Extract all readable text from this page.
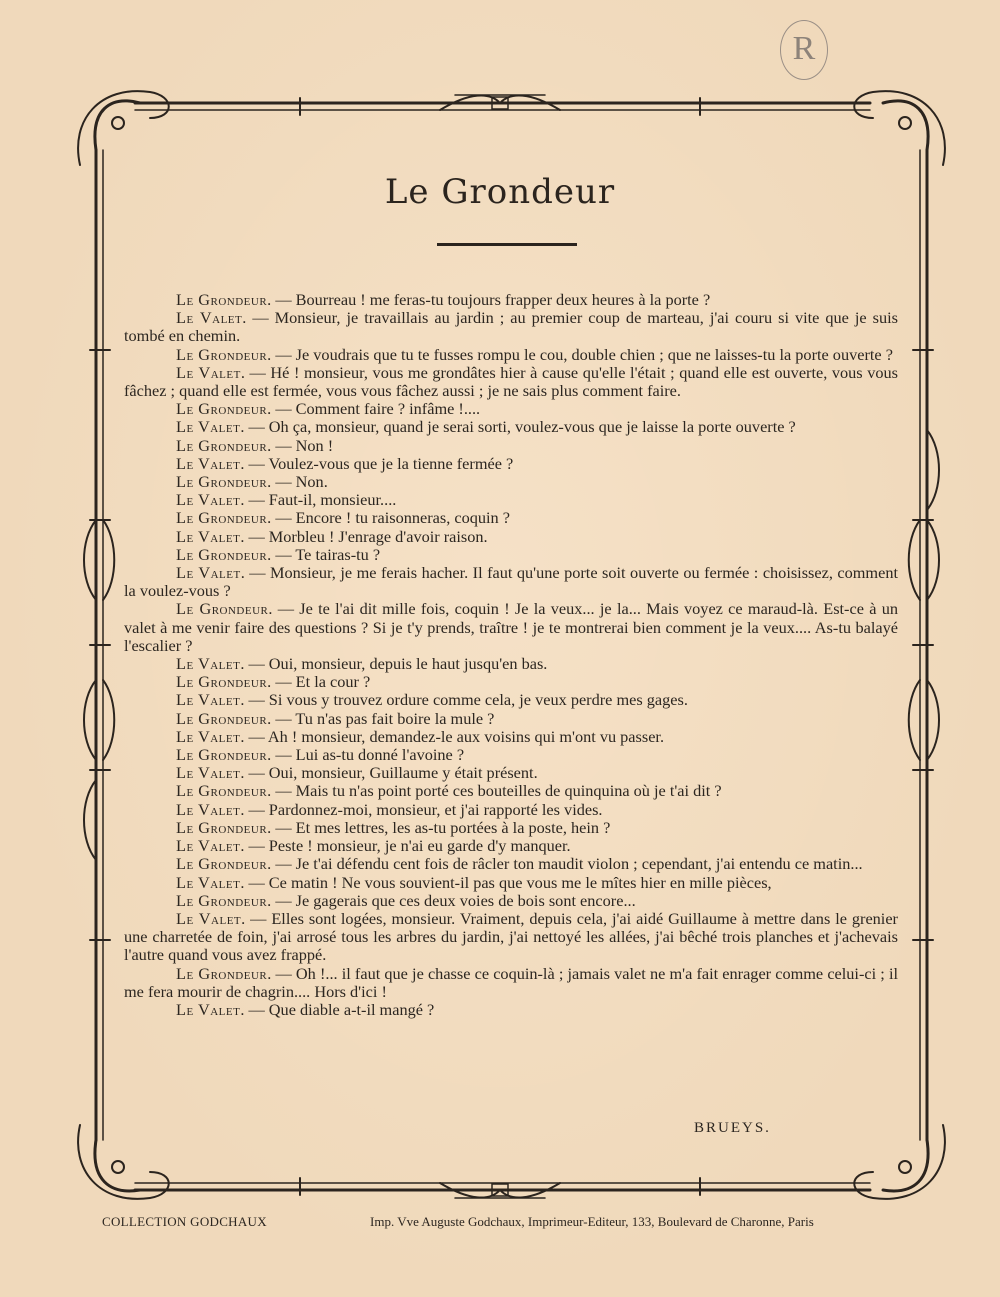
R
Le Grondeur

Le Grondeur. — Bourreau ! me feras-tu toujours frapper deux heures à la porte ?

Le Valet. — Monsieur, je travaillais au jardin ; au premier coup de marteau, j'ai couru si vite que je suis tombé en chemin.

Le Grondeur. — Je voudrais que tu te fusses rompu le cou, double chien ; que ne laisses-tu la porte ouverte ?

Le Valet. — Hé ! monsieur, vous me grondâtes hier à cause qu'elle l'était ; quand elle est ouverte, vous vous fâchez ; quand elle est fermée, vous vous fâchez aussi ; je ne sais plus comment faire.

Le Grondeur. — Comment faire ? infâme !....

Le Valet. — Oh ça, monsieur, quand je serai sorti, voulez-vous que je laisse la porte ouverte ?

Le Grondeur. — Non !

Le Valet. — Voulez-vous que je la tienne fermée ?

Le Grondeur. — Non.

Le Valet. — Faut-il, monsieur....

Le Grondeur. — Encore ! tu raisonneras, coquin ?

Le Valet. — Morbleu ! J'enrage d'avoir raison.

Le Grondeur. — Te tairas-tu ?

Le Valet. — Monsieur, je me ferais hacher. Il faut qu'une porte soit ouverte ou fermée : choisissez, comment la voulez-vous ?

Le Grondeur. — Je te l'ai dit mille fois, coquin ! Je la veux... je la... Mais voyez ce maraud-là. Est-ce à un valet à me venir faire des questions ? Si je t'y prends, traître ! je te montrerai bien comment je la veux.... As-tu balayé l'escalier ?

Le Valet. — Oui, monsieur, depuis le haut jusqu'en bas.

Le Grondeur. — Et la cour ?

Le Valet. — Si vous y trouvez ordure comme cela, je veux perdre mes gages.

Le Grondeur. — Tu n'as pas fait boire la mule ?

Le Valet. — Ah ! monsieur, demandez-le aux voisins qui m'ont vu passer.

Le Grondeur. — Lui as-tu donné l'avoine ?

Le Valet. — Oui, monsieur, Guillaume y était présent.

Le Grondeur. — Mais tu n'as point porté ces bouteilles de quinquina où je t'ai dit ?

Le Valet. — Pardonnez-moi, monsieur, et j'ai rapporté les vides.

Le Grondeur. — Et mes lettres, les as-tu portées à la poste, hein ?

Le Valet. — Peste ! monsieur, je n'ai eu garde d'y manquer.

Le Grondeur. — Je t'ai défendu cent fois de râcler ton maudit violon ; cependant, j'ai entendu ce matin...

Le Valet. — Ce matin ! Ne vous souvient-il pas que vous me le mîtes hier en mille pièces,

Le Grondeur. — Je gagerais que ces deux voies de bois sont encore...

Le Valet. — Elles sont logées, monsieur. Vraiment, depuis cela, j'ai aidé Guillaume à mettre dans le grenier une charretée de foin, j'ai arrosé tous les arbres du jardin, j'ai nettoyé les allées, j'ai bêché trois planches et j'achevais l'autre quand vous avez frappé.

Le Grondeur. — Oh !... il faut que je chasse ce coquin-là ; jamais valet ne m'a fait enrager comme celui-ci ; il me fera mourir de chagrin.... Hors d'ici !

Le Valet. — Que diable a-t-il mangé ?

BRUEYS.
COLLECTION GODCHAUX	Imp. Vve Auguste Godchaux, Imprimeur-Editeur, 133, Boulevard de Charonne, Paris
